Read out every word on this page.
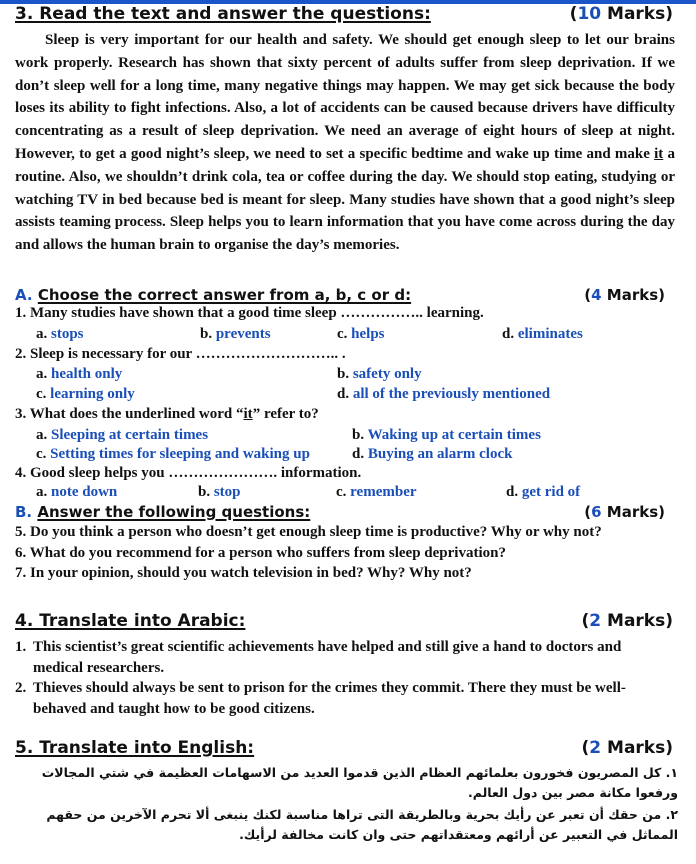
3. Read the text and answer the questions:	(10 Marks)
Sleep is very important for our health and safety. We should get enough sleep to let our brains work properly. Research has shown that sixty percent of adults suffer from sleep deprivation. If we don’t sleep well for a long time, many negative things may happen. We may get sick because the body loses its ability to fight infections. Also, a lot of accidents can be caused because drivers have difficulty concentrating as a result of sleep deprivation. We need an average of eight hours of sleep at night. However, to get a good night’s sleep, we need to set a specific bedtime and wake up time and make it a routine. Also, we shouldn’t drink cola, tea or coffee during the day. We should stop eating, studying or watching TV in bed because bed is meant for sleep. Many studies have shown that a good night’s sleep assists teaming process. Sleep helps you to learn information that you have come across during the day and allows the human brain to organise the day’s memories.
A. Choose the correct answer from a, b, c or d:	(4 Marks)
1. Many studies have shown that a good time sleep …………….. learning.
a. stops	b. prevents	c. helps	d. eliminates
2. Sleep is necessary for our ……………………….. .
a. health only	b. safety only
c. learning only	d. all of the previously mentioned
3. What does the underlined word “it” refer to?
a. Sleeping at certain times	b. Waking up at certain times
c. Setting times for sleeping and waking up	d. Buying an alarm clock
4. Good sleep helps you …………………. information.
a. note down	b. stop	c. remember	d. get rid of
B. Answer the following questions:	(6 Marks)
5. Do you think a person who doesn’t get enough sleep time is productive? Why or why not?
6. What do you recommend for a person who suffers from sleep deprivation?
7. In your opinion, should you watch television in bed? Why? Why not?
4. Translate into Arabic:	(2 Marks)
1. This scientist’s great scientific achievements have helped and still give a hand to doctors and medical researchers.
2. Thieves should always be sent to prison for the crimes they commit. There they must be well-behaved and taught how to be good citizens.
5. Translate into English:	(2 Marks)
١. كل المصريون فخورون بعلمائهم العظام الذين قدموا العديد من الاسهامات العظيمة في شتي المجالات ورفعوا مكانة مصر بين دول العالم.
٢. من حقك أن تعبر عن رأيك بحرية وبالطريقة التى تراها مناسبة لكنك ينبغى ألا تحرم الآخرين من حقهم المماثل في التعبير عن أرائهم ومعتقداتهم حتى وان كانت مخالفة لرأيك.
